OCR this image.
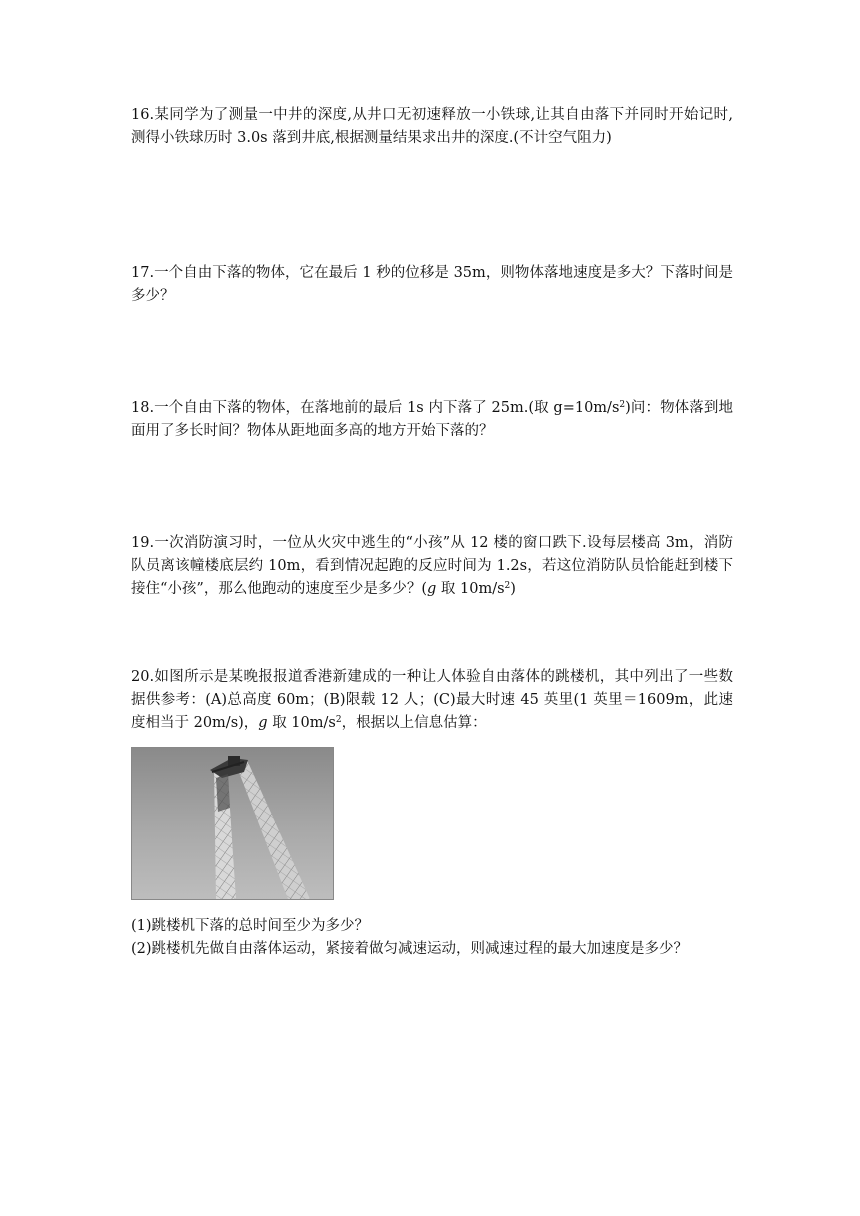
16.某同学为了测量一中井的深度,从井口无初速释放一小铁球,让其自由落下并同时开始记时,测得小铁球历时 3.0s 落到井底,根据测量结果求出井的深度.(不计空气阻力)
17.一个自由下落的物体，它在最后 1 秒的位移是 35m，则物体落地速度是多大？下落时间是多少？
18.一个自由下落的物体，在落地前的最后 1s 内下落了 25m.(取 $g=10m/s^2$)问：物体落到地面用了多长时间？物体从距地面多高的地方开始下落的？
19.一次消防演习时，一位从火灾中逃生的“小孩”从 12 楼的窗口跌下.设每层楼高 3m，消防队员离该幢楼底层约 10m，看到情况起跑的反应时间为 1.2s，若这位消防队员恰能赶到楼下接住“小孩”，那么他跑动的速度至少是多少？(g 取 $10m/s^2$)
20.如图所示是某晚报报道香港新建成的一种让人体验自由落体的跳楼机，其中列出了一些数据供参考：(A)总高度 60m；(B)限载 12 人；(C)最大时速 45 英里(1 英里＝1609m，此速度相当于 20m/s)，g 取 $10m/s^2$，根据以上信息估算：
(1)跳楼机下落的总时间至少为多少？
(2)跳楼机先做自由落体运动，紧接着做匀减速运动，则减速过程的最大加速度是多少？
